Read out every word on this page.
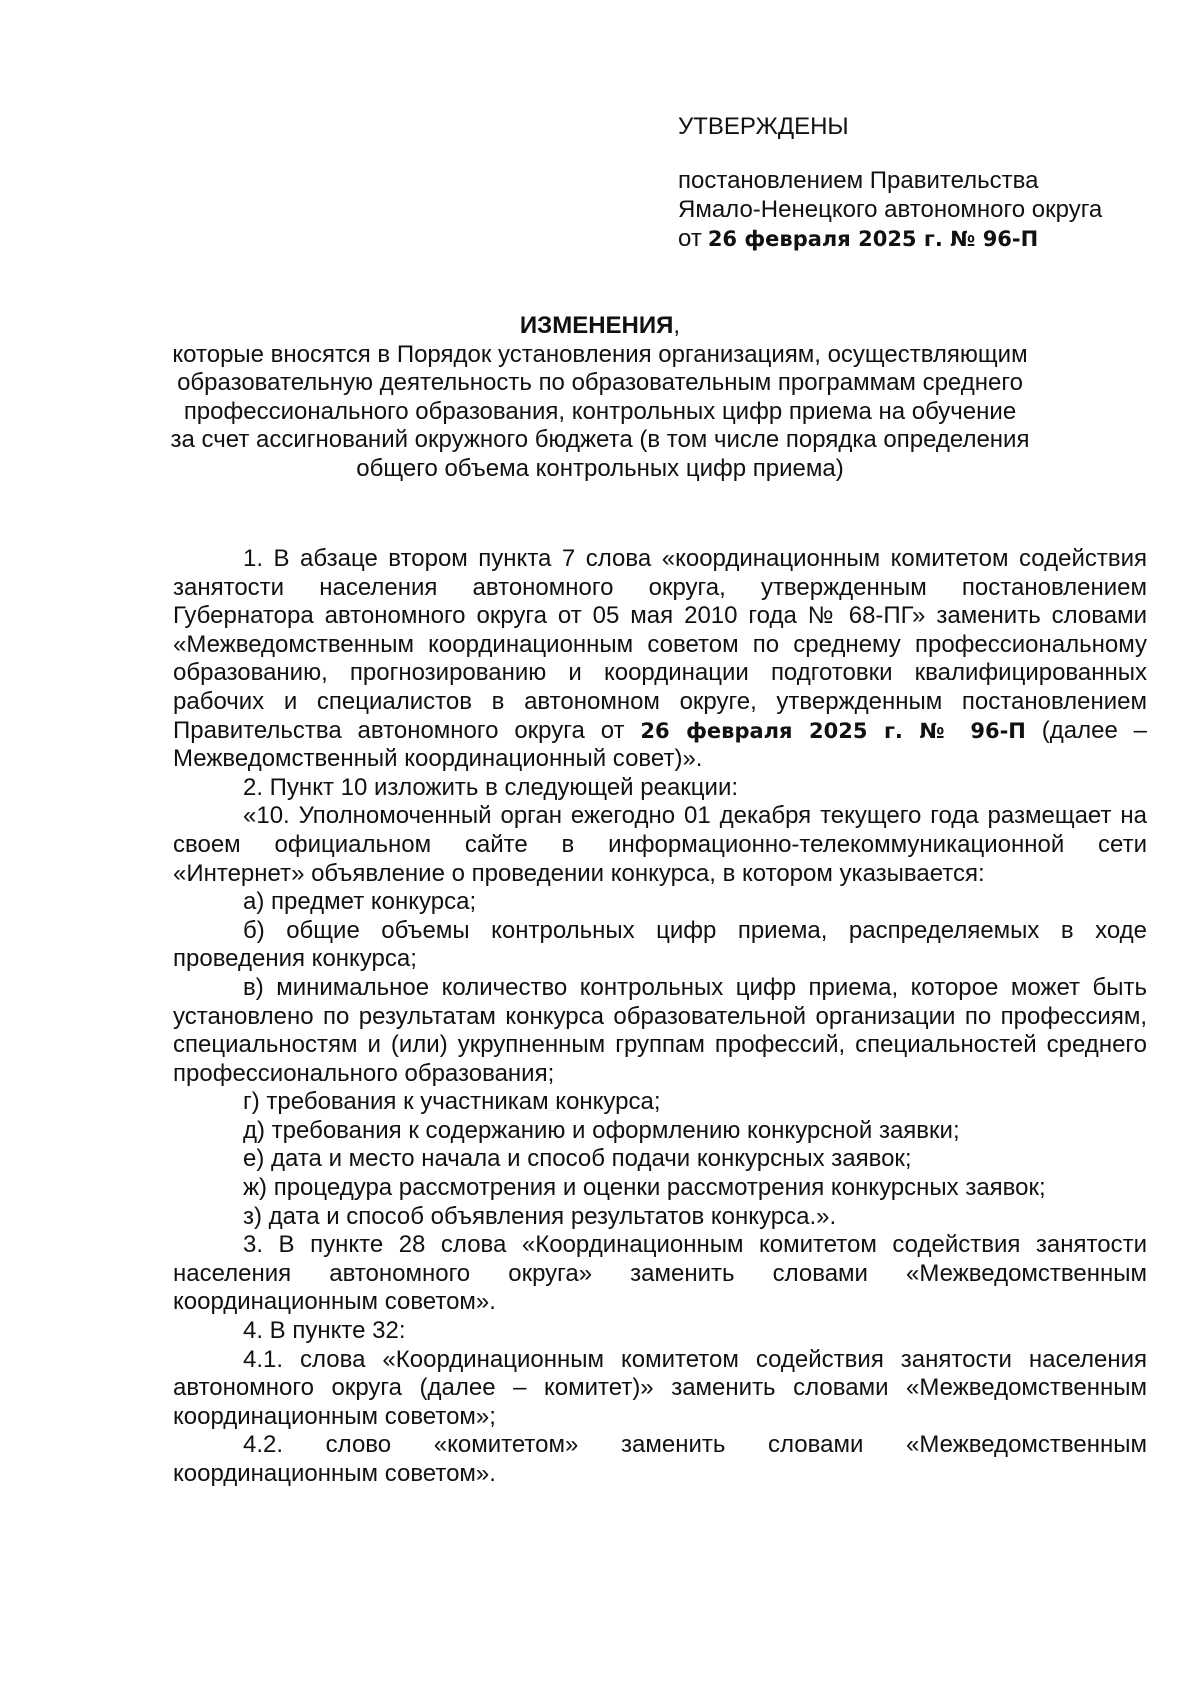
УТВЕРЖДЕНЫ
постановлением Правительства
Ямало-Ненецкого автономного округа
от 26 февраля 2025 г. № 96-П
ИЗМЕНЕНИЯ,
которые вносятся в Порядок установления организациям, осуществляющим
образовательную деятельность по образовательным программам среднего
профессионального образования, контрольных цифр приема на обучение
за счет ассигнований окружного бюджета (в том числе порядка определения
общего объема контрольных цифр приема)

1. В абзаце втором пункта 7 слова «координационным комитетом содействия занятости населения автономного округа, утвержденным постановлением Губернатора автономного округа от 05 мая 2010 года № 68-ПГ» заменить словами «Межведомственным координационным советом по среднему профессиональному образованию, прогнозированию и координации подготовки квалифицированных рабочих и специалистов в автономном округе, утвержденным постановлением Правительства автономного округа от 26 февраля 2025 г. № 96-П (далее – Межведомственный координационный совет)».

2. Пункт 10 изложить в следующей реакции:

«10. Уполномоченный орган ежегодно 01 декабря текущего года размещает на своем официальном сайте в информационно-телекоммуникационной сети «Интернет» объявление о проведении конкурса, в котором указывается:

а) предмет конкурса;

б) общие объемы контрольных цифр приема, распределяемых в ходе проведения конкурса;

в) минимальное количество контрольных цифр приема, которое может быть установлено по результатам конкурса образовательной организации по профессиям, специальностям и (или) укрупненным группам профессий, специальностей среднего профессионального образования;

г) требования к участникам конкурса;

д) требования к содержанию и оформлению конкурсной заявки;

е) дата и место начала и способ подачи конкурсных заявок;

ж) процедура рассмотрения и оценки рассмотрения конкурсных заявок;

з) дата и способ объявления результатов конкурса.».

3. В пункте 28 слова «Координационным комитетом содействия занятости населения автономного округа» заменить словами «Межведомственным координационным советом».

4. В пункте 32:

4.1. слова «Координационным комитетом содействия занятости населения автономного округа (далее – комитет)» заменить словами «Межведомственным координационным советом»;

4.2. слово «комитетом» заменить словами «Межведомственным координационным советом».
